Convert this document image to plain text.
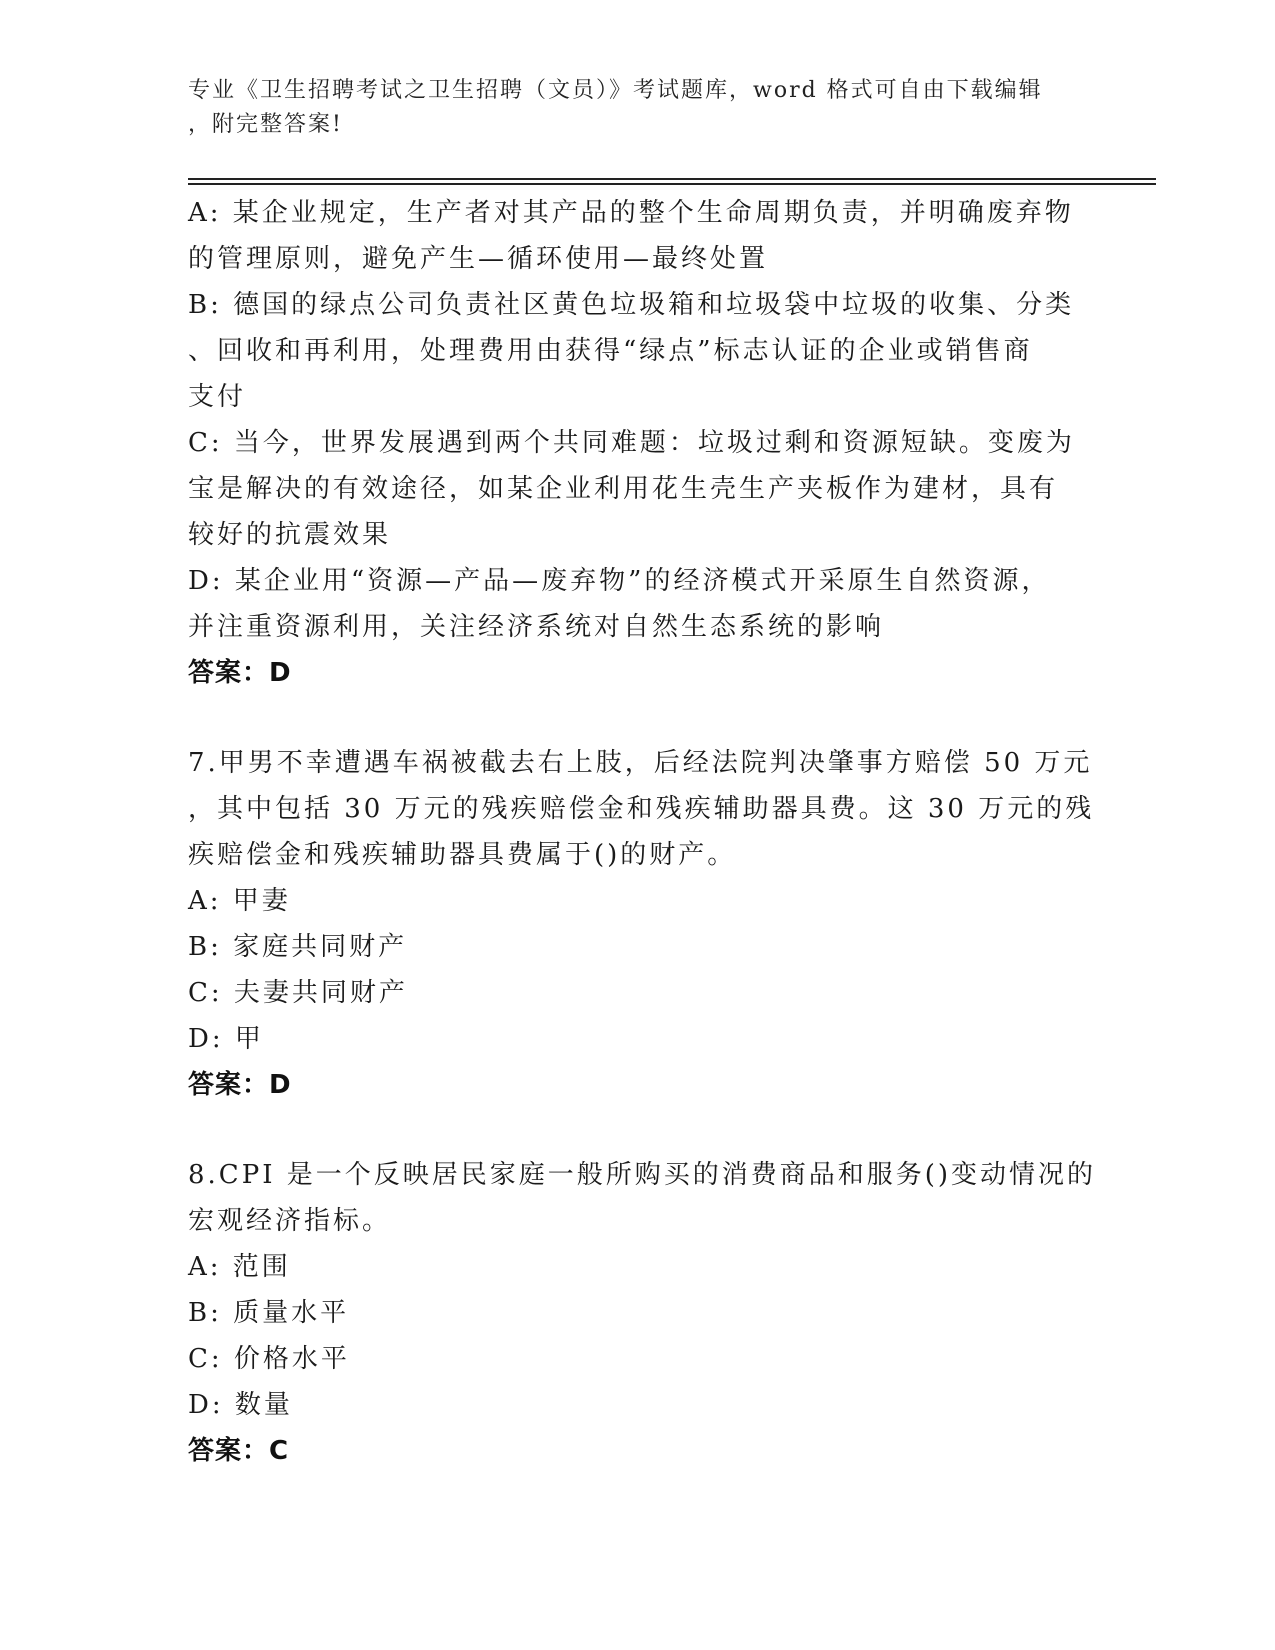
专业《卫生招聘考试之卫生招聘（文员）》考试题库，word 格式可自由下载编辑
，附完整答案!
A: 某企业规定，生产者对其产品的整个生命周期负责，并明确废弃物
的管理原则，避免产生—循环使用—最终处置
B: 德国的绿点公司负责社区黄色垃圾箱和垃圾袋中垃圾的收集、分类
、回收和再利用，处理费用由获得“绿点”标志认证的企业或销售商
支付
C: 当今，世界发展遇到两个共同难题：垃圾过剩和资源短缺。变废为
宝是解决的有效途径，如某企业利用花生壳生产夹板作为建材，具有
较好的抗震效果
D: 某企业用“资源—产品—废弃物”的经济模式开采原生自然资源，
并注重资源利用，关注经济系统对自然生态系统的影响
答案：D
7.甲男不幸遭遇车祸被截去右上肢，后经法院判决肇事方赔偿 50 万元
，其中包括 30 万元的残疾赔偿金和残疾辅助器具费。这 30 万元的残
疾赔偿金和残疾辅助器具费属于()的财产。
A: 甲妻
B: 家庭共同财产
C: 夫妻共同财产
D: 甲
答案：D
8.CPI 是一个反映居民家庭一般所购买的消费商品和服务()变动情况的
宏观经济指标。
A: 范围
B: 质量水平
C: 价格水平
D: 数量
答案：C
